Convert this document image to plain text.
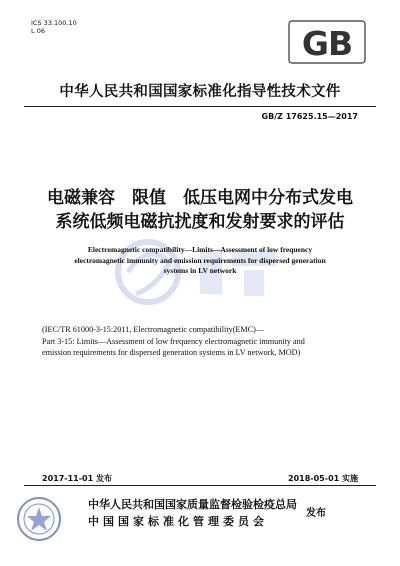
ICS 33.100.10
L 06	GB
中华人民共和国国家标准化指导性技术文件
GB/Z 17625.15—2017
电磁兼容　限值　低压电网中分布式发电
系统低频电磁抗扰度和发射要求的评估
Electromagnetic compatibility—Limits—Assessment of low frequency
electromagnetic immunity and emission requirements for dispersed generation
systems in LV network
(IEC/TR 61000-3-15:2011, Electromagnetic compatibility(EMC)—
Part 3-15: Limits—Assessment of low frequency electromagnetic immunity and
emission requirements for dispersed generation systems in LV network, MOD)
2017-11-01 发布	2018-05-01 实施
中华人民共和国国家质量监督检验检疫总局
中国国家标准化管理委员会
发布
